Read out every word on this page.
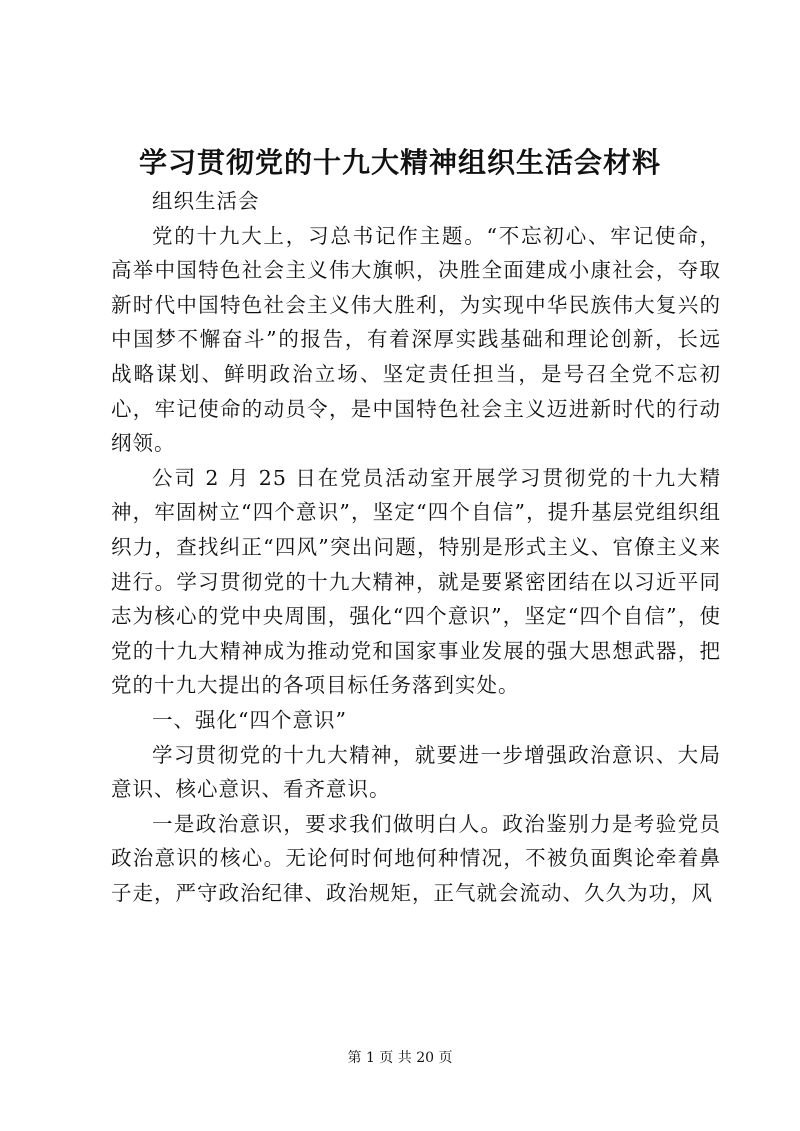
学习贯彻党的十九大精神组织生活会材料

组织生活会

党的十九大上，习总书记作主题。“不忘初心、牢记使命，高举中国特色社会主义伟大旗帜，决胜全面建成小康社会，夺取新时代中国特色社会主义伟大胜利，为实现中华民族伟大复兴的中国梦不懈奋斗”的报告，有着深厚实践基础和理论创新，长远战略谋划、鲜明政治立场、坚定责任担当，是号召全党不忘初心，牢记使命的动员令，是中国特色社会主义迈进新时代的行动纲领。

公司 2 月 25 日在党员活动室开展学习贯彻党的十九大精神，牢固树立“四个意识”，坚定“四个自信”，提升基层党组织组织力，查找纠正“四风”突出问题，特别是形式主义、官僚主义来进行。学习贯彻党的十九大精神，就是要紧密团结在以习近平同志为核心的党中央周围，强化“四个意识”，坚定“四个自信”，使党的十九大精神成为推动党和国家事业发展的强大思想武器，把党的十九大提出的各项目标任务落到实处。

一、强化“四个意识”

学习贯彻党的十九大精神，就要进一步增强政治意识、大局意识、核心意识、看齐意识。

一是政治意识，要求我们做明白人。政治鉴别力是考验党员政治意识的核心。无论何时何地何种情况，不被负面舆论牵着鼻子走，严守政治纪律、政治规矩，正气就会流动、久久为功，风

第 1 页 共 20 页
